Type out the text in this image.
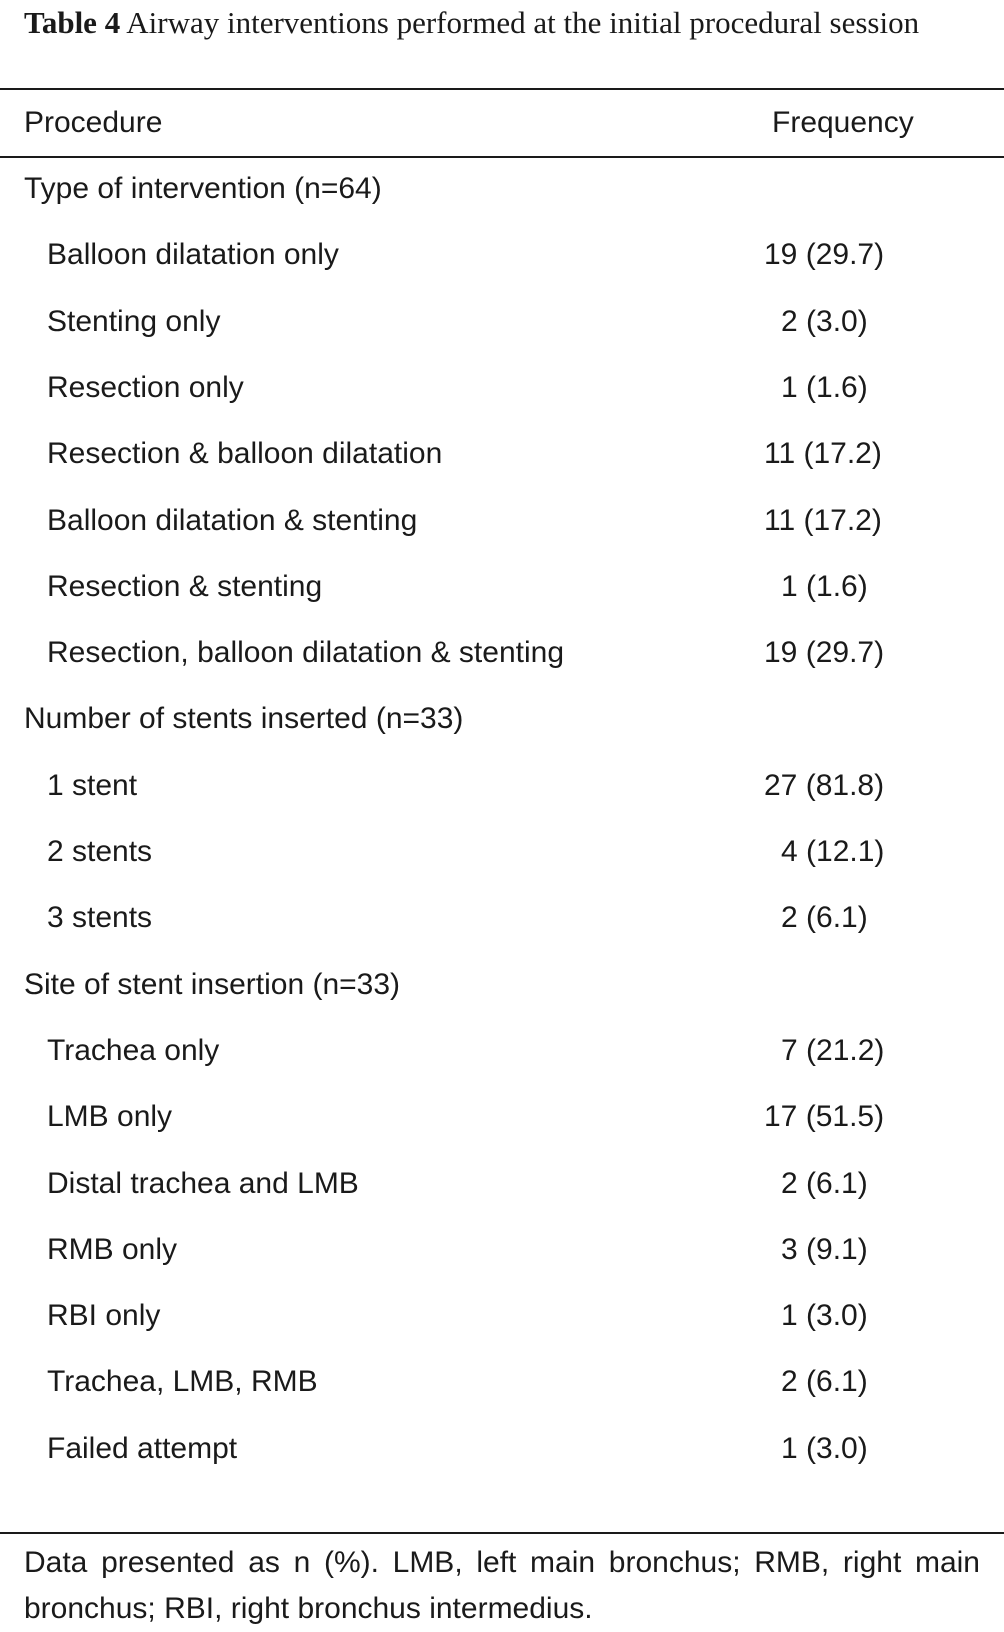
Table 4 Airway interventions performed at the initial procedural session
Procedure	Frequency
Type of intervention (n=64)
Balloon dilatation only	19 (29.7)
Stenting only	2 (3.0)
Resection only	1 (1.6)
Resection & balloon dilatation	11 (17.2)
Balloon dilatation & stenting	11 (17.2)
Resection & stenting	1 (1.6)
Resection, balloon dilatation & stenting	19 (29.7)
Number of stents inserted (n=33)
1 stent	27 (81.8)
2 stents	4 (12.1)
3 stents	2 (6.1)
Site of stent insertion (n=33)
Trachea only	7 (21.2)
LMB only	17 (51.5)
Distal trachea and LMB	2 (6.1)
RMB only	3 (9.1)
RBI only	1 (3.0)
Trachea, LMB, RMB	2 (6.1)
Failed attempt	1 (3.0)
Data presented as n (%). LMB, left main bronchus; RMB, right main bronchus; RBI, right bronchus intermedius.
